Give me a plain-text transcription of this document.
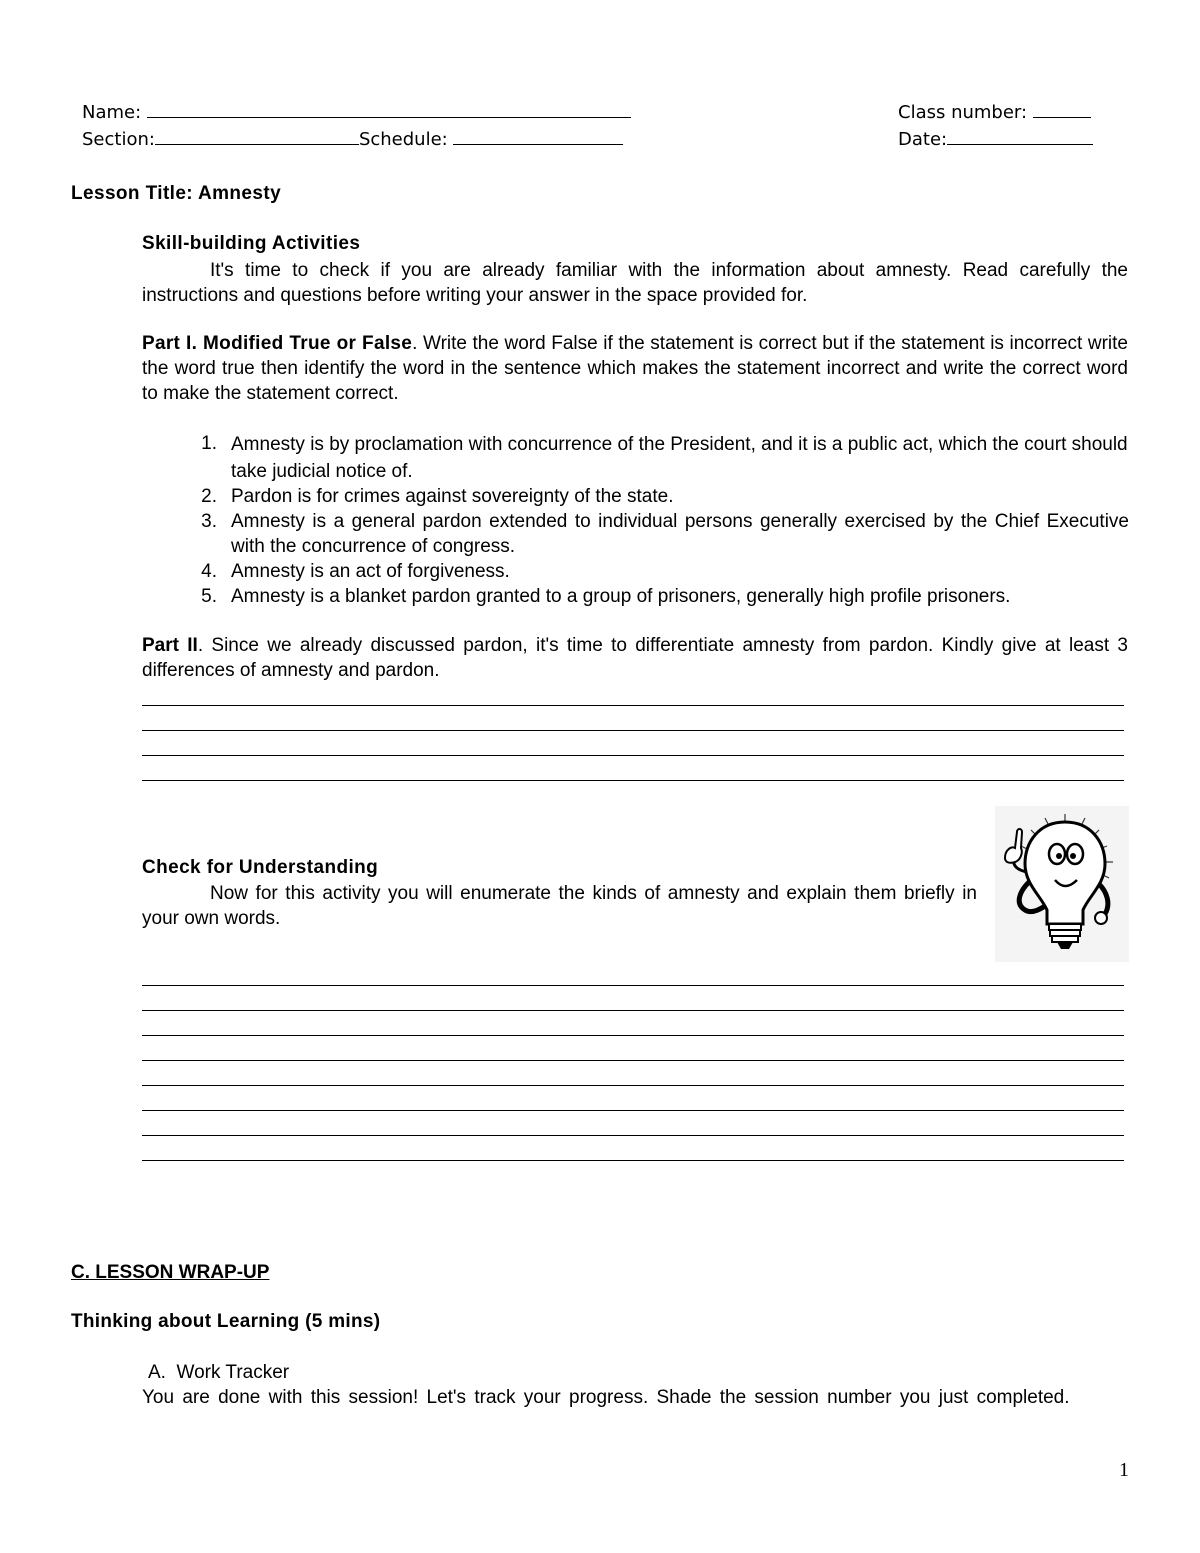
Name:	Class number:
Section:	Schedule:	Date:
Lesson Title: Amnesty
Skill-building Activities

It's time to check if you are already familiar with the information about amnesty. Read carefully the instructions and questions before writing your answer in the space provided for.

Part I. Modified True or False. Write the word False if the statement is correct but if the statement is incorrect write the word true then identify the word in the sentence which makes the statement incorrect and write the correct word to make the statement correct.

1. Amnesty is by proclamation with concurrence of the President, and it is a public act, which the court should take judicial notice of.
2. Pardon is for crimes against sovereignty of the state.
3. Amnesty is a general pardon extended to individual persons generally exercised by the Chief Executive with the concurrence of congress.
4. Amnesty is an act of forgiveness.
5. Amnesty is a blanket pardon granted to a group of prisoners, generally high profile prisoners.

Part II. Since we already discussed pardon, it's time to differentiate amnesty from pardon. Kindly give at least 3 differences of amnesty and pardon.

Check for Understanding

Now for this activity you will enumerate the kinds of amnesty and explain them briefly in your own words.

C. LESSON WRAP-UP
Thinking about Learning (5 mins)
A. Work Tracker

You are done with this session! Let's track your progress. Shade the session number you just completed.

1
